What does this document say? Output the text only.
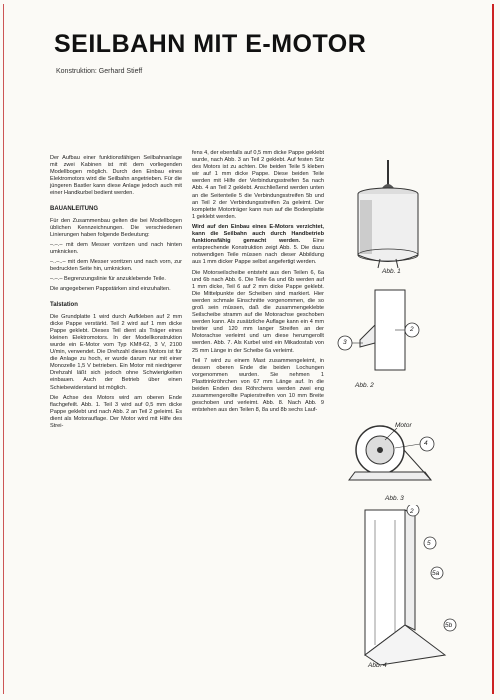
SEILBAHN MIT E-MOTOR
Konstruktion: Gerhard Stieff

Der Aufbau einer funktionsfähigen Seilbahnanlage mit zwei Kabinen ist mit dem vorliegenden Modellbogen möglich. Durch den Einbau eines Elektromotors wird die Seilbahn angetrieben. Für die jüngeren Bastler kann diese Anlage jedoch auch mit einer Handkurbel bedient werden.

BAUANLEITUNG

Für den Zusammenbau gelten die bei Modellbogen üblichen Kennzeichnungen. Die verschiedenen Linierungen haben folgende Bedeutung:

–.–.– mit dem Messer vorritzen und nach hinten umknicken.

–..–..– mit dem Messer vorritzen und nach vorn, zur bedruckten Seite hin, umknicken.

–.–.– Begrenzungslinie für anzuklebende Teile.

Die angegebenen Pappstärken sind einzuhalten.

Talstation

Die Grundplatte 1 wird durch Aufkleben auf 2 mm dicke Pappe verstärkt. Teil 2 wird auf 1 mm dicke Pappe geklebt. Dieses Teil dient als Träger eines kleinen Elektromotors. In der Modellkonstruktion wurde ein E-Motor vom Typ KMlf-62, 3 V, 2100 U/min, verwendet. Die Drehzahl dieses Motors ist für die Anlage zu hoch, er wurde darum nur mit einer Monozelle 1,5 V betrieben. Ein Motor mit niedrigerer Drehzahl läßt sich jedoch ohne Schwierigkeiten einbauen. Auch der Betrieb über einen Schiebewiderstand ist möglich.

Die Achse des Motors wird am oberen Ende flachgefeilt. Abb. 1. Teil 3 wird auf 0,5 mm dicke Pappe geklebt und nach Abb. 2 an Teil 2 geleimt. Es dient als Motorauflage. Der Motor wird mit Hilfe des Strei-

fens 4, der ebenfalls auf 0,5 mm dicke Pappe geklebt wurde, nach Abb. 3 an Teil 2 geklebt. Auf festen Sitz des Motors ist zu achten. Die beiden Teile 5 kleben wir auf 1 mm dicke Pappe. Diese beiden Teile werden mit Hilfe der Verbindungsstreifen 5a nach Abb. 4 an Teil 2 geklebt. Anschließend werden unten an die Seitenteile 5 die Verbindungsstreifen 5b und an Teil 2 der Verbindungsstreifen 2a geleimt. Der komplette Motorträger kann nun auf die Bodenplatte 1 geklebt werden.

Wird auf den Einbau eines E-Motors verzichtet, kann die Seilbahn auch durch Handbetrieb funktionsfähig gemacht werden. Eine entsprechende Konstruktion zeigt Abb. 5. Die dazu notwendigen Teile müssen nach dieser Abbildung aus 1 mm dicker Pappe selbst angefertigt werden.

Die Motorseilscheibe entsteht aus den Teilen 6, 6a und 6b nach Abb. 6. Die Teile 6a und 6b werden auf 1 mm dicke, Teil 6 auf 2 mm dicke Pappe geklebt. Die Mittelpunkte der Scheiben sind markiert. Hier werden schmale Einschnitte vorgenommen, die so groß sein müssen, daß die zusammengeklebte Seilscheibe stramm auf die Motorachse geschoben werden kann. Als zusätzliche Auflage kann ein 4 mm breiter und 120 mm langer Streifen an der Motorachse verleimt und um diese herumgerollt werden. Abb. 7. Als Kurbel wird ein Mikadostab von 25 mm Länge in der Scheibe 6a verleimt.

Teil 7 wird zu einem Mast zusammengeleimt, in dessen oberen Ende die beiden Lochungen vorgenommen wurden. Sie nehmen 1 Plasttrinkröhrchen von 67 mm Länge auf. In die beiden Enden des Röhrchens werden zwei eng zusammengerollte Papierstreifen von 10 mm Breite geschoben und verleimt. Abb. 8. Nach Abb. 9 entstehen aus den Teilen 8, 8a und 8b sechs Lauf-

Abb. 1
3
2
Abb. 2
Motor
4
Abb. 3
2
5
5a
5b
Abb. 4
